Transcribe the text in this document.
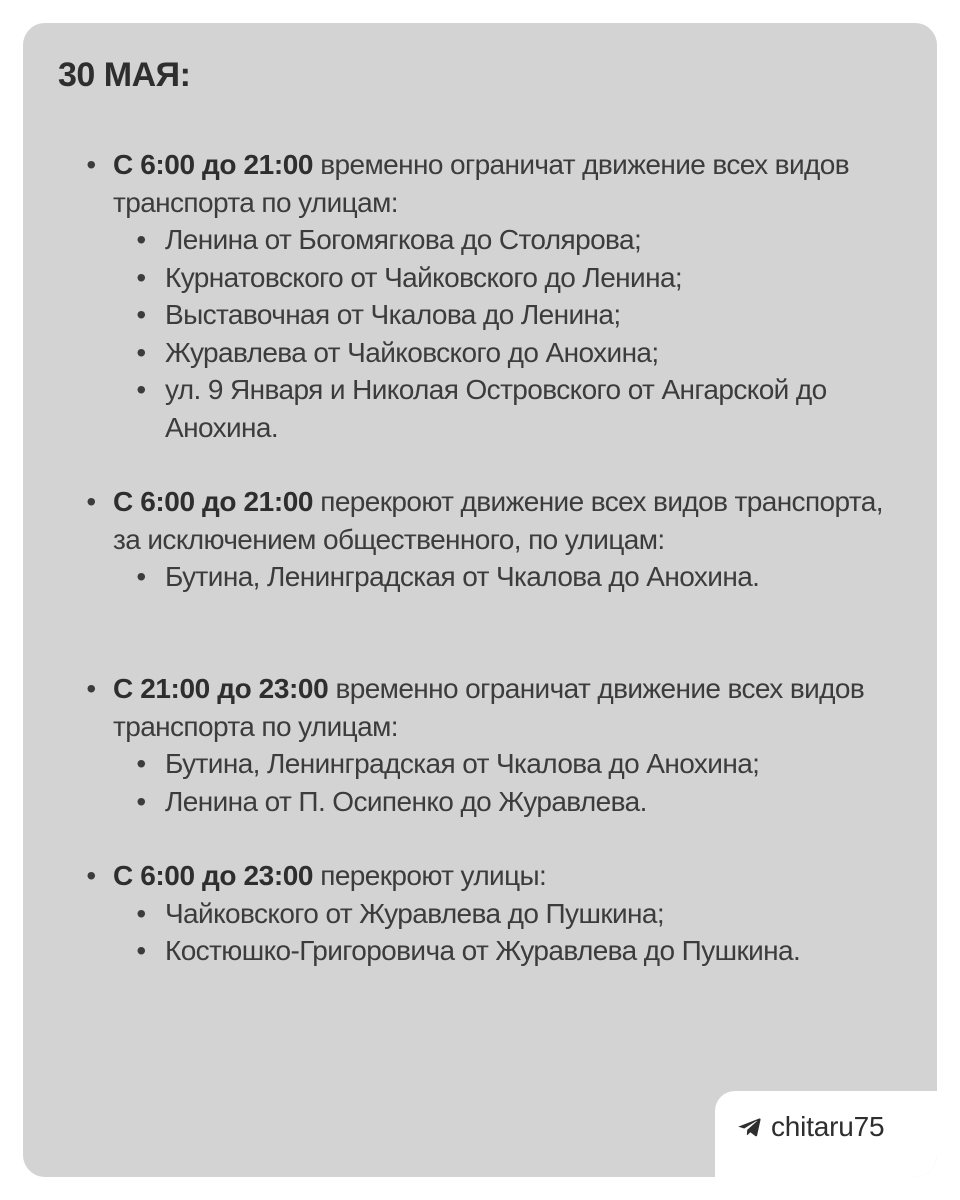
30 МАЯ:
• С 6:00 до 21:00 временно ограничат движение всех видов транспорта по улицам:
• Ленина от Богомягкова до Столярова;
• Курнатовского от Чайковского до Ленина;
• Выставочная от Чкалова до Ленина;
• Журавлева от Чайковского до Анохина;
• ул. 9 Января и Николая Островского от Ангарской до Анохина.
• С 6:00 до 21:00 перекроют движение всех видов транспорта, за исключением общественного, по улицам:
• Бутина, Ленинградская от Чкалова до Анохина.
• С 21:00 до 23:00 временно ограничат движение всех видов транспорта по улицам:
• Бутина, Ленинградская от Чкалова до Анохина;
• Ленина от П. Осипенко до Журавлева.
• С 6:00 до 23:00 перекроют улицы:
• Чайковского от Журавлева до Пушкина;
• Костюшко-Григоровича от Журавлева до Пушкина.
chitaru75
